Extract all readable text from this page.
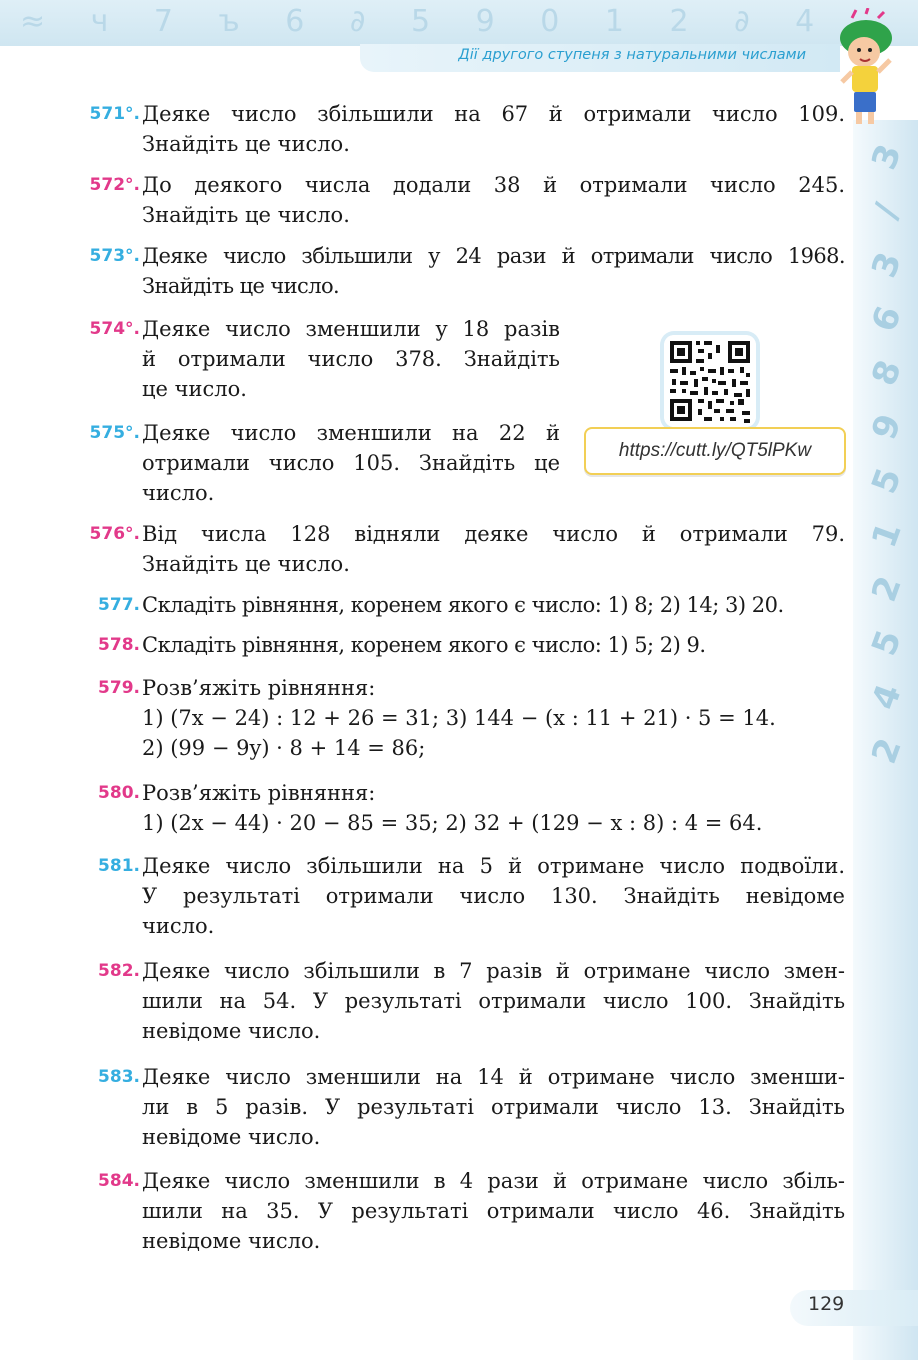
≈ ч 7 ъ 6 ∂ 5 9 0 1 2 ∂ 4
Дії другого ступеня з натуральними числами
3
/
3
6
8
9
5
1
2
5
4
2
571°. Деяке число збільшили на 67 й отримали число 109.
Знайдіть це число.
572°. До деякого числа додали 38 й отримали число 245.
Знайдіть це число.
573°. Деяке число збільшили у 24 рази й отримали число 1968.
Знайдіть це число.
574°. Деяке число зменшили у 18 разів
й отримали число 378. Знайдіть
це число.
575°. Деяке число зменшили на 22 й
отримали число 105. Знайдіть це
число.
https://cutt.ly/QT5lPKw
576°. Від числа 128 відняли деяке число й отримали 79.
Знайдіть це число.
577. Складіть рівняння, коренем якого є число: 1) 8; 2) 14; 3) 20.
578. Складіть рівняння, коренем якого є число: 1) 5; 2) 9.
579. Розв’яжіть рівняння:
1) (7x − 24) : 12 + 26 = 31; 3) 144 − (x : 11 + 21) · 5 = 14.
2) (99 − 9y) · 8 + 14 = 86;
580. Розв’яжіть рівняння:
1) (2x − 44) · 20 − 85 = 35; 2) 32 + (129 − x : 8) : 4 = 64.
581. Деяке число збільшили на 5 й отримане число подвоїли.
У результаті отримали число 130. Знайдіть невідоме
число.
582. Деяке число збільшили в 7 разів й отримане число змен-
шили на 54. У результаті отримали число 100. Знайдіть
невідоме число.
583. Деяке число зменшили на 14 й отримане число зменши-
ли в 5 разів. У результаті отримали число 13. Знайдіть
невідоме число.
584. Деяке число зменшили в 4 рази й отримане число збіль-
шили на 35. У результаті отримали число 46. Знайдіть
невідоме число.
129
